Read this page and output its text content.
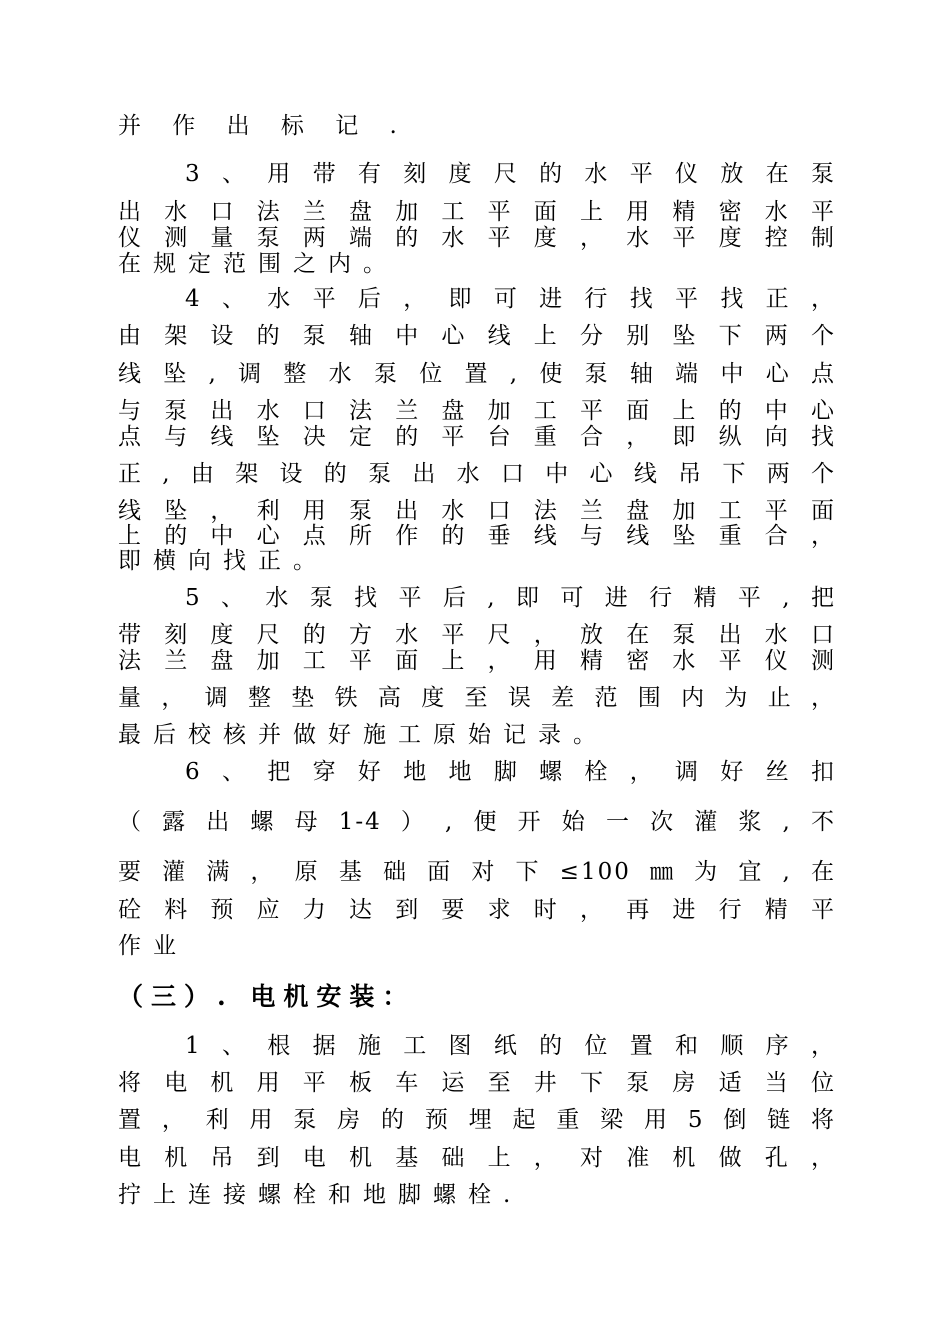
并 作 出 标 记 .
3、用带有刻度尺的水平仪放在泵
出水口法兰盘加工平面上用精密水平
仪测量泵两端的水平度，水平度控制
在规定范围之内。
4、水平后，即可进行找平找正，
由架设的泵轴中心线上分别坠下两个
线坠,调整水泵位置,使泵轴端中心点
与泵出水口法兰盘加工平面上的中心
点与线坠决定的平台重合，即纵向找
正,由架设的泵出水口中心线吊下两个
线坠，利用泵出水口法兰盘加工平面
上的中心点所作的垂线与线坠重合，
即横向找正。
5、水泵找平后,即可进行精平,把
带刻度尺的方水平尺，放在泵出水口
法兰盘加工平面上，用精密水平仪测
量，调整垫铁高度至误差范围内为止，
最后校核并做好施工原始记录。
6、把穿好地地脚螺栓，调好丝扣
（露出螺母1-4）,便开始一次灌浆,不
要灌满，原基础面对下≤100㎜为宜,在
砼料预应力达到要求时，再进行精平
作业
（三）. 电机安装：
1、根据施工图纸的位置和顺序，
将电机用平板车运至井下泵房适当位
置，利用泵房的预埋起重梁用5倒链将
电机吊到电机基础上，对准机做孔，
拧上连接螺栓和地脚螺栓.
